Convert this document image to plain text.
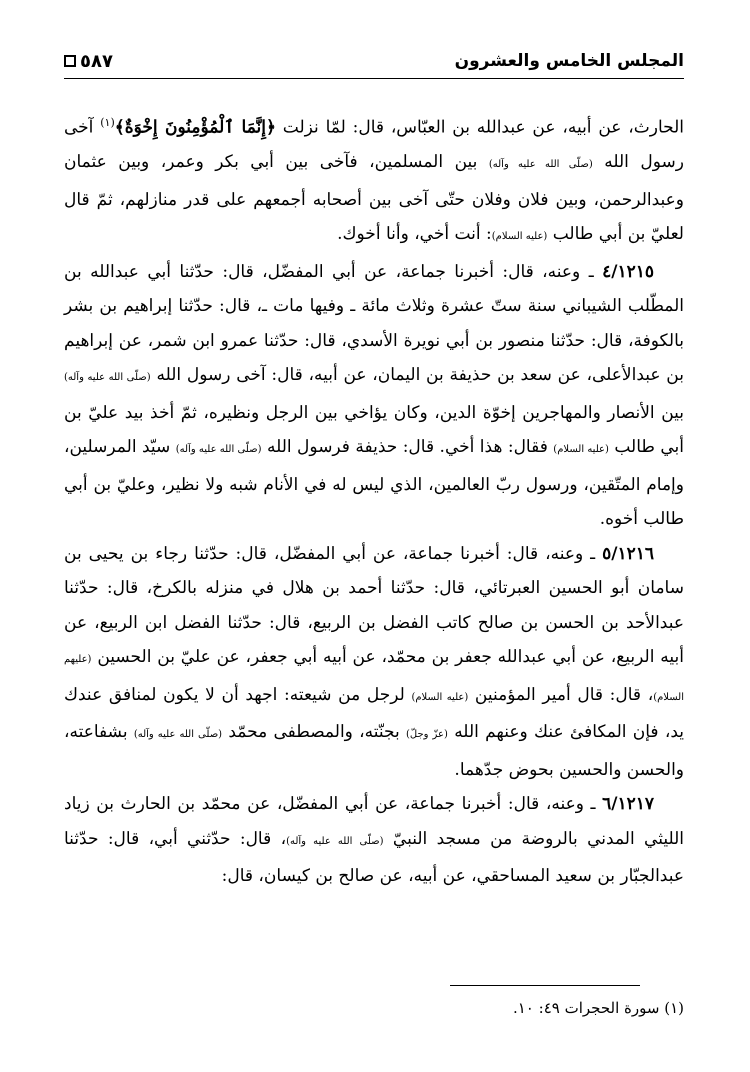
المجلس الخامس والعشرون
٥٨٧

الحارث، عن أبيه، عن عبدالله بن العبّاس، قال: لمّا نزلت ﴿إِنَّمَا ٱلْمُؤْمِنُونَ إِخْوَةٌ﴾$^{(١)}$ آخى رسول الله (صلّى الله عليه وآله) بين المسلمين، فآخى بين أبي بكر وعمر، وبين عثمان وعبدالرحمن، وبين فلان وفلان حتّى آخى بين أصحابه أجمعهم على قدر منازلهم، ثمّ قال لعليّ بن أبي طالب (عليه السلام): أنت أخي، وأنا أخوك.

٤/١٢١٥ ـ وعنه، قال: أخبرنا جماعة، عن أبي المفضّل، قال: حدّثنا أبي عبدالله بن المطّلب الشيباني سنة ستّ عشرة وثلاث مائة ـ وفيها مات ـ، قال: حدّثنا إبراهيم بن بشر بالكوفة، قال: حدّثنا منصور بن أبي نويرة الأسدي، قال: حدّثنا عمرو ابن شمر، عن إبراهيم بن عبدالأعلى، عن سعد بن حذيفة بن اليمان، عن أبيه، قال: آخى رسول الله (صلّى الله عليه وآله) بين الأنصار والمهاجرين إخوّة الدين، وكان يؤاخي بين الرجل ونظيره، ثمّ أخذ بيد عليّ بن أبي طالب (عليه السلام) فقال: هذا أخي. قال: حذيفة فرسول الله (صلّى الله عليه وآله) سيّد المرسلين، وإمام المتّقين، ورسول ربّ العالمين، الذي ليس له في الأنام شبه ولا نظير، وعليّ بن أبي طالب أخوه.

٥/١٢١٦ ـ وعنه، قال: أخبرنا جماعة، عن أبي المفضّل، قال: حدّثنا رجاء بن يحيى بن سامان أبو الحسين العبرتائي، قال: حدّثنا أحمد بن هلال في منزله بالكرخ، قال: حدّثنا عبدالأحد بن الحسن بن صالح كاتب الفضل بن الربيع، قال: حدّثنا الفضل ابن الربيع، عن أبيه الربيع، عن أبي عبدالله جعفر بن محمّد، عن أبيه أبي جعفر، عن عليّ بن الحسين (عليهم السلام)، قال: قال أمير المؤمنين (عليه السلام) لرجل من شيعته: اجهد أن لا يكون لمنافق عندك يد، فإن المكافئ عنك وعنهم الله (عزّ وجلّ) بجنّته، والمصطفى محمّد (صلّى الله عليه وآله) بشفاعته، والحسن والحسين بحوض جدّهما.

٦/١٢١٧ ـ وعنه، قال: أخبرنا جماعة، عن أبي المفضّل، عن محمّد بن الحارث بن زياد الليثي المدني بالروضة من مسجد النبيّ (صلّى الله عليه وآله)، قال: حدّثني أبي، قال: حدّثنا عبدالجبّار بن سعيد المساحقي، عن أبيه، عن صالح بن كيسان، قال:

(١) سورة الحجرات ٤٩: ١٠.
